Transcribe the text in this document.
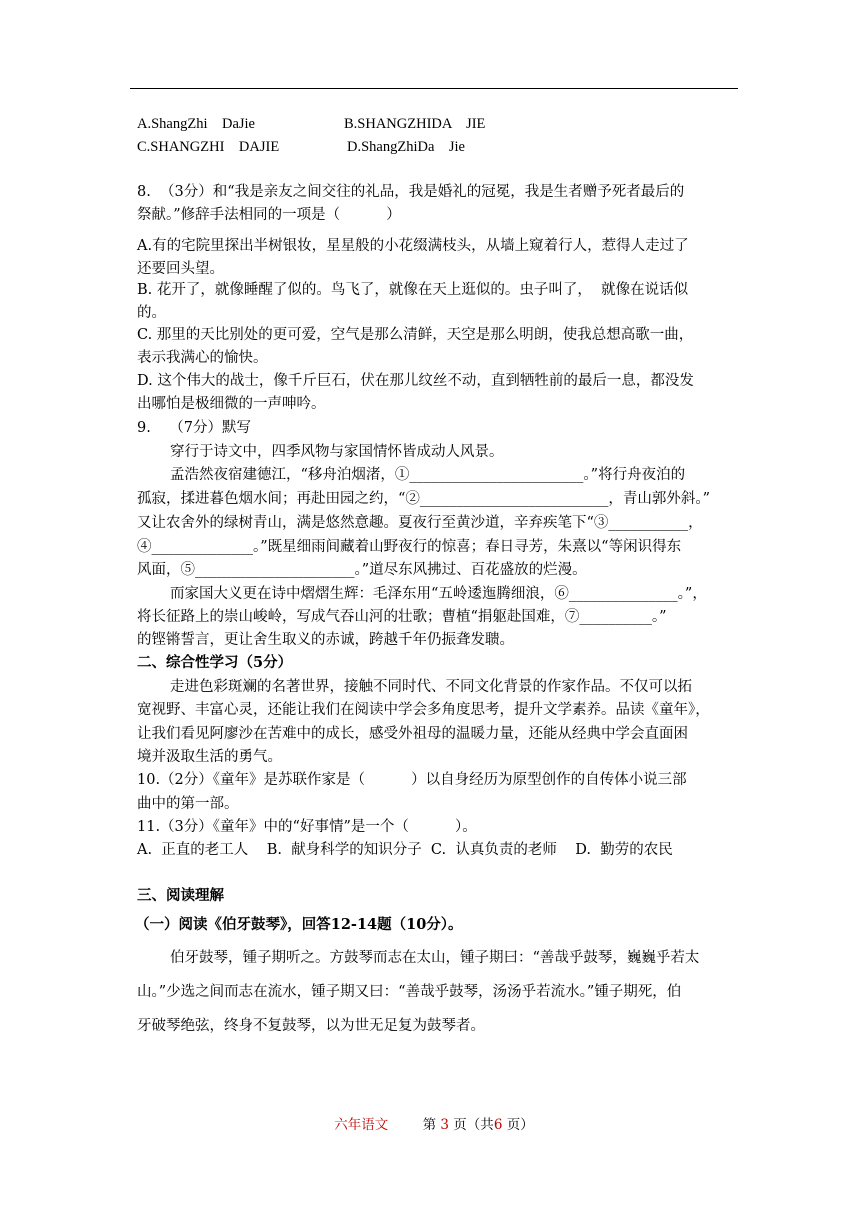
A.ShangZhi    DaJie	B.SHANGZHIDA    JIE
C.SHANGZHI    DAJIE	D.ShangZhiDa    Jie
8.  （3分）和“我是亲友之间交往的礼品，我是婚礼的冠冕，我是生者赠予死者最后的
祭献。”修辞手法相同的一项是（          ）
A.有的宅院里探出半树银妆，星星般的小花缀满枝头，从墙上窥着行人，惹得人走过了
还要回头望。
B. 花开了，就像睡醒了似的。鸟飞了，就像在天上逛似的。虫子叫了，  就像在说话似
的。
C. 那里的天比别处的更可爱，空气是那么清鲜，天空是那么明朗，使我总想高歌一曲，
表示我满心的愉快。
D. 这个伟大的战士，像千斤巨石，伏在那儿纹丝不动，直到牺牲前的最后一息，都没发
出哪怕是极细微的一声呻吟。
9.    （7分）默写
穿行于诗文中，四季风物与家国情怀皆成动人风景。
孟浩然夜宿建德江，“移舟泊烟渚，①________________________。”将行舟夜泊的
孤寂，揉进暮色烟水间；再赴田园之约，“②__________________________，青山郭外斜。”
又让农舍外的绿树青山，满是悠然意趣。夏夜行至黄沙道，辛弃疾笔下“③___________，
④______________。”既星细雨间藏着山野夜行的惊喜；春日寻芳，朱熹以“等闲识得东
风面，⑤______________________。”道尽东风拂过、百花盛放的烂漫。
而家国大义更在诗中熠熠生辉：毛泽东用“五岭逶迤腾细浪，⑥_______________。”，
将长征路上的崇山峻岭，写成气吞山河的壮歌；曹植“捐躯赴国难，⑦__________。”
的铿锵誓言，更让舍生取义的赤诚，跨越千年仍振聋发聩。
二、综合性学习（5分）
走进色彩斑斓的名著世界，接触不同时代、不同文化背景的作家作品。不仅可以拓
宽视野、丰富心灵，还能让我们在阅读中学会多角度思考，提升文学素养。品读《童年》，
让我们看见阿廖沙在苦难中的成长，感受外祖母的温暖力量，还能从经典中学会直面困
境并汲取生活的勇气。
10.（2分）《童年》是苏联作家是（          ）以自身经历为原型创作的自传体小说三部
曲中的第一部。
11.（3分）《童年》中的“好事情”是一个（          ）。
A.  正直的老工人    B.  献身科学的知识分子  C.  认真负责的老师    D.  勤劳的农民
三、阅读理解
（一）阅读《伯牙鼓琴》，回答12-14题（10分）。
伯牙鼓琴，锺子期听之。方鼓琴而志在太山，锺子期曰：“善哉乎鼓琴，巍巍乎若太
山。”少选之间而志在流水，锺子期又曰：“善哉乎鼓琴，汤汤乎若流水。”锺子期死，伯
牙破琴绝弦，终身不复鼓琴，以为世无足复为鼓琴者。
六年语文	第 3 页（共6 页）
